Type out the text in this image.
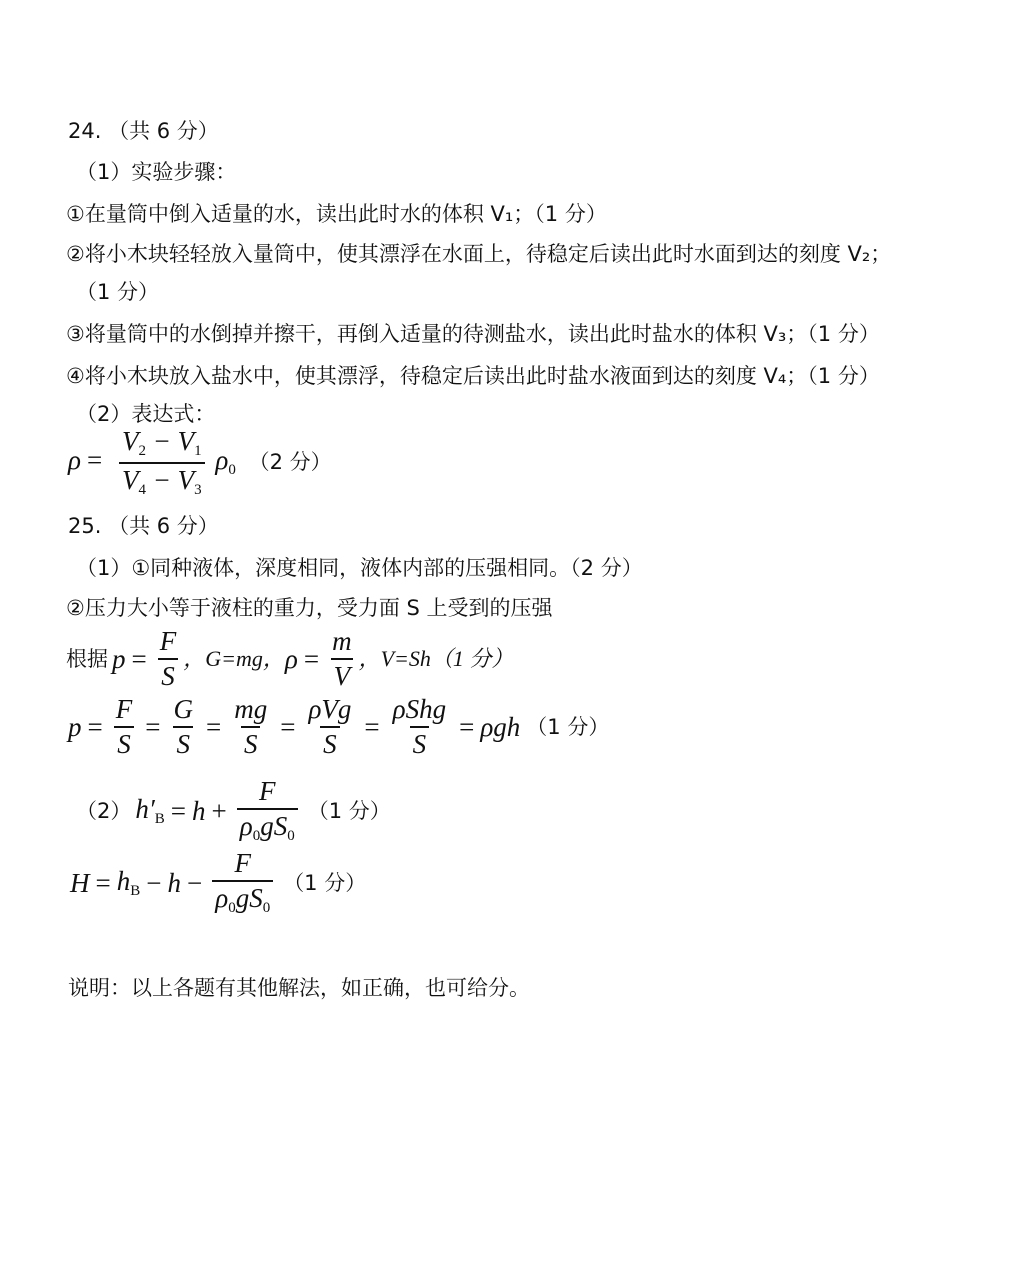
24. （共 6 分）
（1）实验步骤：
①在量筒中倒入适量的水，读出此时水的体积 V₁；（1 分）
②将小木块轻轻放入量筒中，使其漂浮在水面上，待稳定后读出此时水面到达的刻度 V₂；
（1 分）
③将量筒中的水倒掉并擦干，再倒入适量的待测盐水，读出此时盐水的体积 V₃；（1 分）
④将小木块放入盐水中，使其漂浮，待稳定后读出此时盐水液面到达的刻度 V₄；（1 分）
（2）表达式：
$\rho = \frac{V_2 - V_1}{V_4 - V_3} \rho_0$ （2 分）
25. （共 6 分）
（1）①同种液体，深度相同，液体内部的压强相同。（2 分）
②压力大小等于液柱的重力，受力面 S 上受到的压强
根据 $p = \frac{F}{S}$ ，G=mg， $\rho = \frac{m}{V}$ ，V=Sh（1 分）
$p = \frac{F}{S} = \frac{G}{S} = \frac{mg}{S} = \frac{\text{ρVg}}{S} = \frac{\text{ρShg}}{S} = \rho gh$ （1 分）
（2） $h'_B = h + \frac{F}{\rho_0gS_0} (1$ 分）
$H = h_B - h - \frac{F}{\rho_0gS_0} (1$ 分）
说明：以上各题有其他解法，如正确，也可给分。
